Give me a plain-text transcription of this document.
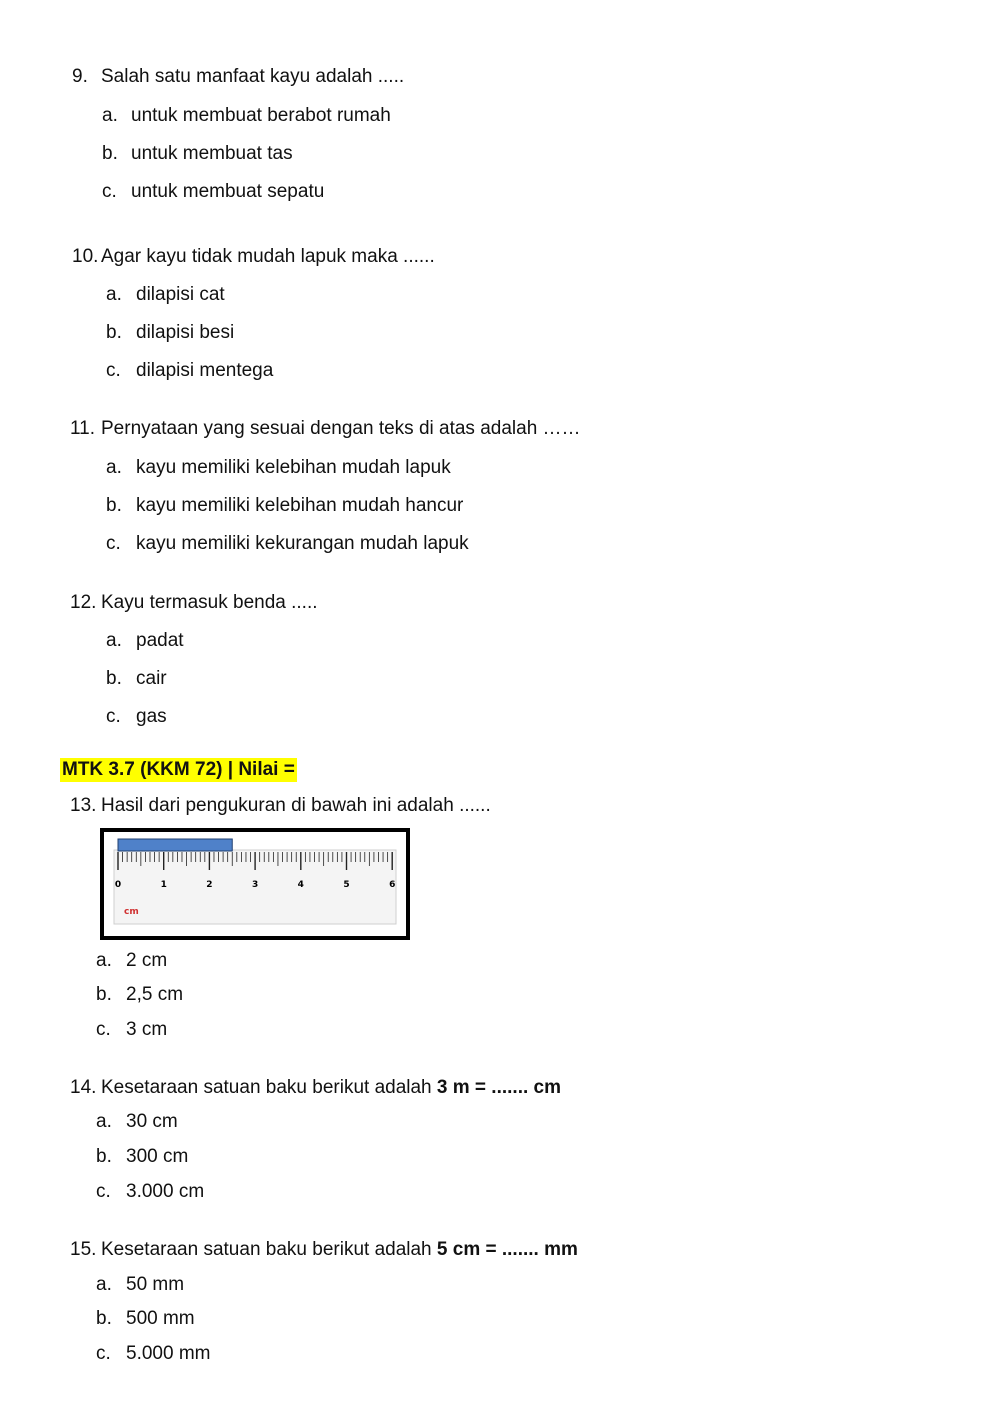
9. Salah satu manfaat kayu adalah .....
a. untuk membuat berabot rumah
b. untuk membuat tas
c. untuk membuat sepatu
10. Agar kayu tidak mudah lapuk maka ......
a. dilapisi cat
b. dilapisi besi
c. dilapisi mentega
11. Pernyataan yang sesuai dengan teks di atas adalah ……
a. kayu memiliki kelebihan mudah lapuk
b. kayu memiliki kelebihan mudah hancur
c. kayu memiliki kekurangan mudah lapuk
12. Kayu termasuk benda .....
a. padat
b. cair
c. gas
MTK 3.7 (KKM 72) | Nilai =
13. Hasil dari pengukuran di bawah ini adalah ......
0	1	2	3	4	5	6
cm
a. 2 cm
b. 2,5 cm
c. 3 cm
14. Kesetaraan satuan baku berikut adalah 3 m = ....... cm
a. 30 cm
b. 300 cm
c. 3.000 cm
15. Kesetaraan satuan baku berikut adalah 5 cm = ....... mm
a. 50 mm
b. 500 mm
c. 5.000 mm
